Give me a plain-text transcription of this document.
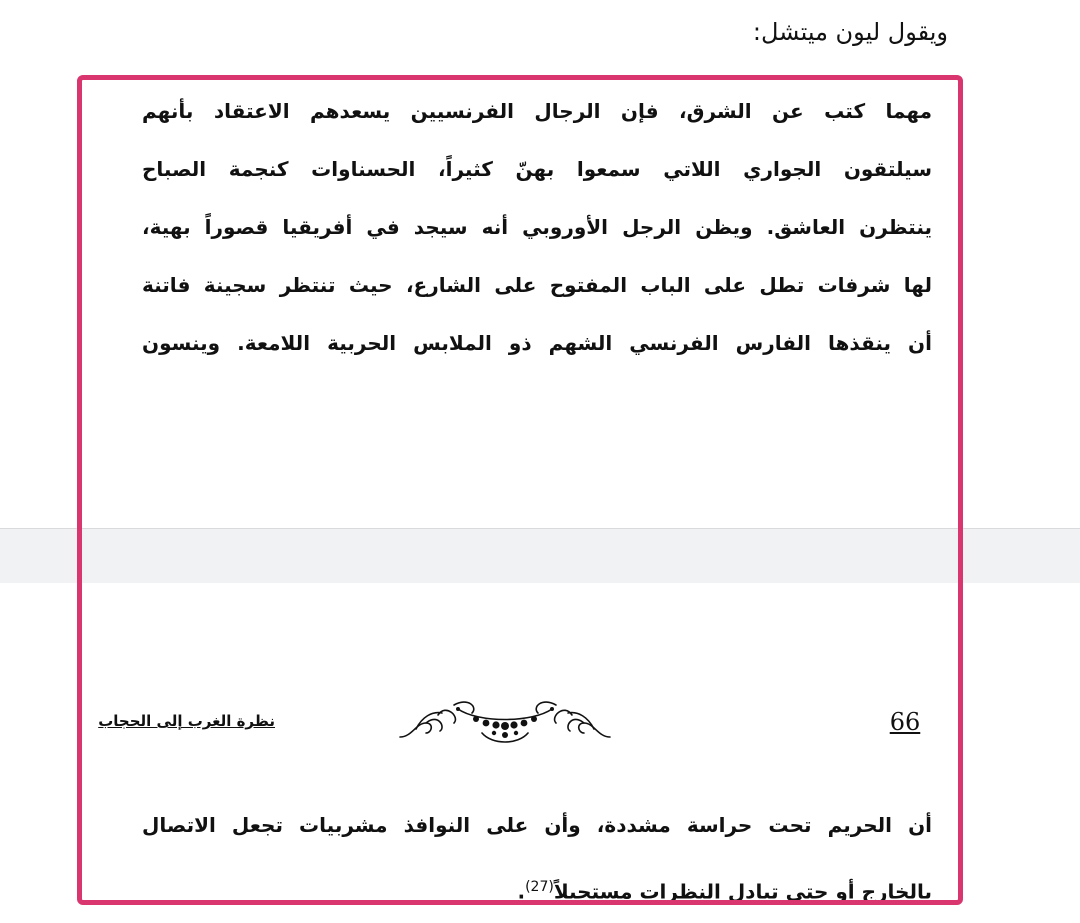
ويقول ليون ميتشل:
مهما كتب عن الشرق، فإن الرجال الفرنسيين يسعدهم الاعتقاد بأنهم
سيلتقون الجواري اللاتي سمعوا بهنّ كثيراً، الحسناوات كنجمة الصباح
ينتظرن العاشق. ويظن الرجل الأوروبي أنه سيجد في أفريقيا قصوراً بهية،
لها شرفات تطل على الباب المفتوح على الشارع، حيث تنتظر سجينة فاتنة
أن ينقذها الفارس الفرنسي الشهم ذو الملابس الحربية اللامعة. وينسون
نظرة الغرب إلى الحجاب	66
أن الحريم تحت حراسة مشددة، وأن على النوافذ مشربيات تجعل الاتصال
بالخارج أو حتى تبادل النظرات مستحيلاً$^{(27)}$.
